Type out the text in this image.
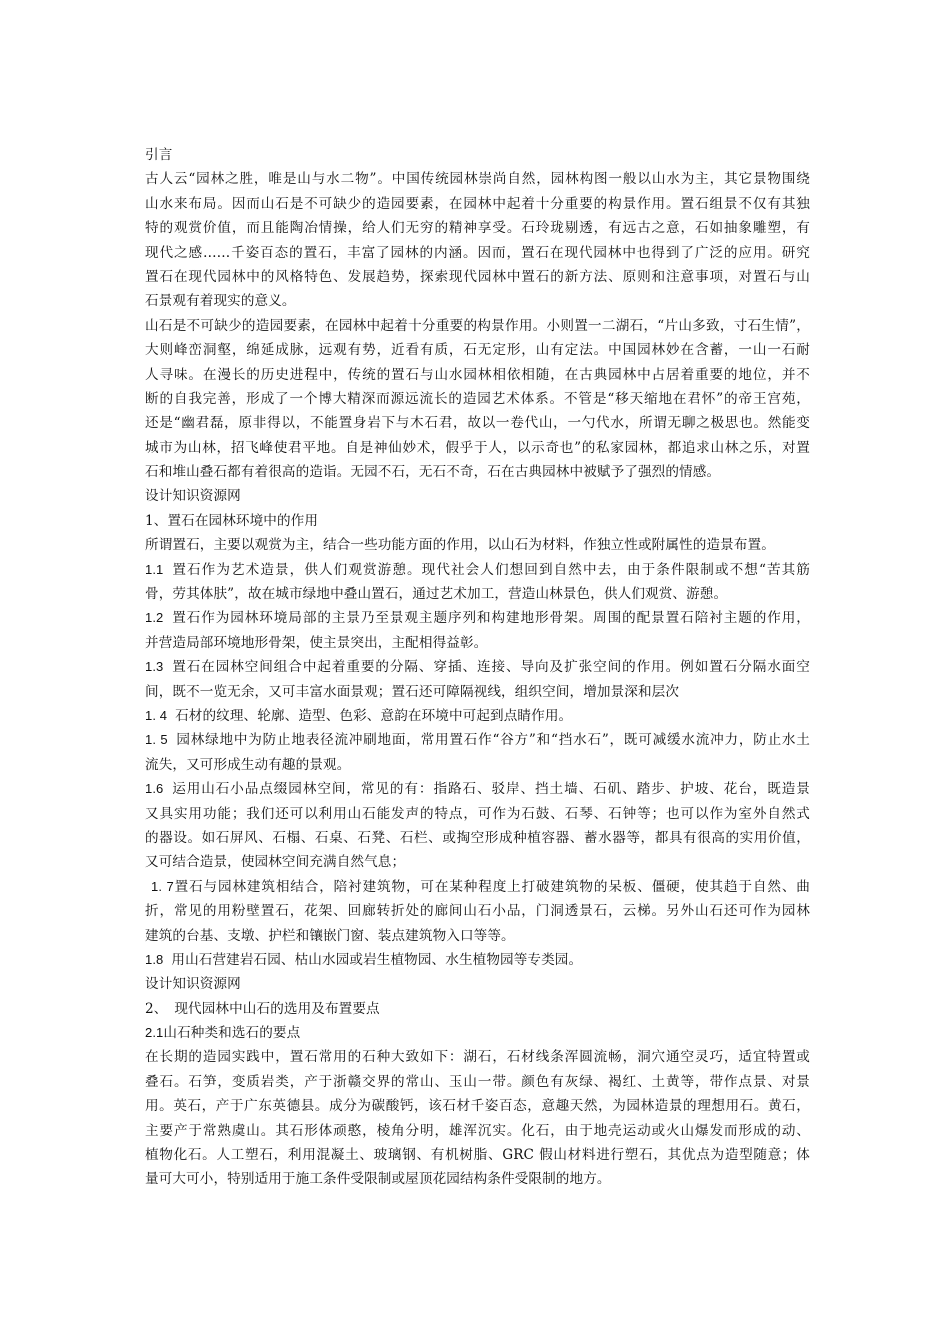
引言
古人云“园林之胜，唯是山与水二物”。中国传统园林崇尚自然，园林构图一般以山水为主，其它景物围绕
山水来布局。因而山石是不可缺少的造园要素，在园林中起着十分重要的构景作用。置石组景不仅有其独
特的观赏价值，而且能陶冶情操，给人们无穷的精神享受。石玲珑剔透，有远古之意，石如抽象雕塑，有
现代之感……千姿百态的置石，丰富了园林的内涵。因而，置石在现代园林中也得到了广泛的应用。研究
置石在现代园林中的风格特色、发展趋势，探索现代园林中置石的新方法、原则和注意事项，对置石与山
石景观有着现实的意义。
山石是不可缺少的造园要素，在园林中起着十分重要的构景作用。小则置一二湖石，“片山多致，寸石生情”，
大则峰峦洞壑，绵延成脉，远观有势，近看有质，石无定形，山有定法。中国园林妙在含蓄，一山一石耐
人寻味。在漫长的历史进程中，传统的置石与山水园林相依相随，在古典园林中占居着重要的地位，并不
断的自我完善，形成了一个博大精深而源远流长的造园艺术体系。不管是“移天缩地在君怀”的帝王宫苑，
还是“幽君磊，原非得以，不能置身岩下与木石君，故以一卷代山，一勺代水，所谓无聊之极思也。然能变
城市为山林，招飞峰使君平地。自是神仙妙术，假乎于人，以示奇也”的私家园林，都追求山林之乐，对置
石和堆山叠石都有着很高的造诣。无园不石，无石不奇，石在古典园林中被赋予了强烈的情感。
设计知识资源网
1、置石在园林环境中的作用
所谓置石，主要以观赏为主，结合一些功能方面的作用，以山石为材料，作独立性或附属性的造景布置。
1.1 置石作为艺术造景，供人们观赏游憩。现代社会人们想回到自然中去，由于条件限制或不想“苦其筋
骨，劳其体肤”，故在城市绿地中叠山置石，通过艺术加工，营造山林景色，供人们观赏、游憩。
1.2 置石作为园林环境局部的主景乃至景观主题序列和构建地形骨架。周围的配景置石陪衬主题的作用，
并营造局部环境地形骨架，使主景突出，主配相得益彰。
1.3 置石在园林空间组合中起着重要的分隔、穿插、连接、导向及扩张空间的作用。例如置石分隔水面空
间，既不一览无余，又可丰富水面景观；置石还可障隔视线，组织空间，增加景深和层次
1. 4 石材的纹理、轮廓、造型、色彩、意韵在环境中可起到点睛作用。
1. 5 园林绿地中为防止地表径流冲刷地面，常用置石作“谷方”和“挡水石”，既可减缓水流冲力，防止水土
流失，又可形成生动有趣的景观。
1.6 运用山石小品点缀园林空间，常见的有：指路石、驳岸、挡土墙、石矶、踏步、护坡、花台，既造景
又具实用功能；我们还可以利用山石能发声的特点，可作为石鼓、石琴、石钟等；也可以作为室外自然式
的器设。如石屏风、石榻、石桌、石凳、石栏、或掏空形成种植容器、蓄水器等，都具有很高的实用价值，
又可结合造景，使园林空间充满自然气息；
1. 7置石与园林建筑相结合，陪衬建筑物，可在某种程度上打破建筑物的呆板、僵硬，使其趋于自然、曲
折，常见的用粉壁置石，花架、回廊转折处的廊间山石小品，门洞透景石，云梯。另外山石还可作为园林
建筑的台基、支墩、护栏和镶嵌门窗、装点建筑物入口等等。
1.8 用山石营建岩石园、枯山水园或岩生植物园、水生植物园等专类园。
设计知识资源网
2、　现代园林中山石的选用及布置要点
2.1山石种类和选石的要点
在长期的造园实践中，置石常用的石种大致如下：湖石，石材线条浑圆流畅，洞穴通空灵巧，适宜特置或
叠石。石笋，变质岩类，产于浙赣交界的常山、玉山一带。颜色有灰绿、褐红、土黄等，带作点景、对景
用。英石，产于广东英德县。成分为碳酸钙，该石材千姿百态，意趣天然，为园林造景的理想用石。黄石，
主要产于常熟虞山。其石形体顽憨，棱角分明，雄浑沉实。化石，由于地壳运动或火山爆发而形成的动、
植物化石。人工塑石，利用混凝土、玻璃钢、有机树脂、GRC 假山材料进行塑石，其优点为造型随意；体
量可大可小，特别适用于施工条件受限制或屋顶花园结构条件受限制的地方。
